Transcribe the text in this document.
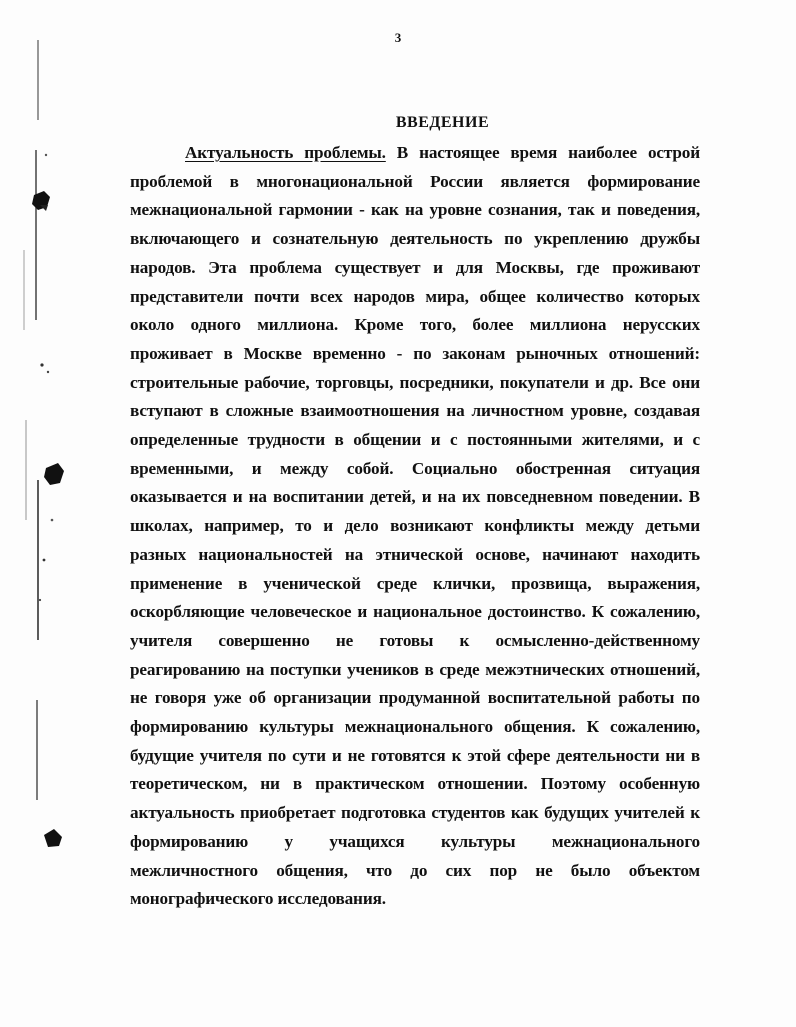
3
ВВЕДЕНИЕ

Актуальность проблемы. В настоящее время наиболее острой проблемой в многонациональной России является формирование межнациональной гармонии - как на уровне сознания, так и поведения, включающего и сознательную деятельность по укреплению дружбы народов. Эта проблема существует и для Москвы, где проживают представители почти всех народов мира, общее количество которых около одного миллиона. Кроме того, более миллиона нерусских проживает в Москве временно - по законам рыночных отношений: строительные рабочие, торговцы, посредники, покупатели и др. Все они вступают в сложные взаимоотношения на личностном уровне, создавая определенные трудности в общении и с постоянными жителями, и с временными, и между собой. Социально обостренная ситуация оказывается и на воспитании детей, и на их повседневном поведении. В школах, например, то и дело возникают конфликты между детьми разных национальностей на этнической основе, начинают находить применение в ученической среде клички, прозвища, выражения, оскорбляющие человеческое и национальное достоинство. К сожалению, учителя совершенно не готовы к осмысленно-действенному реагированию на поступки учеников в среде межэтнических отношений, не говоря уже об организации продуманной воспитательной работы по формированию культуры межнационального общения. К сожалению, будущие учителя по сути и не готовятся к этой сфере деятельности ни в теоретическом, ни в практическом отношении. Поэтому особенную актуальность приобретает подготовка студентов как будущих учителей к формированию у учащихся культуры межнационального межличностного общения, что до сих пор не было объектом монографического исследования.
